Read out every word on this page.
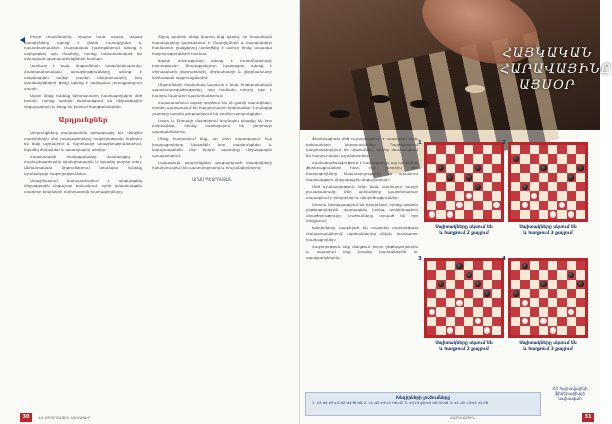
Բոլոր տարիներին, որպես նաև այսօր, ավագ մարզիչները պետք է լինեն ուսուցիչներ և դաստիարակներ: Մարզական դպրոցներում պետք է ավելացնել այն ժամերը, որոնք նախատեսված են տեսական պարապմունքների համար:

Կարևոր է նաև մրցումների կազմակերպումը: Հանրապետական առաջնությունները պետք է անցկացվեն ավելի բարձր մակարդակով, իսկ մասնակիցների թիվը պետք է ավելանա յուրաքանչյուր տարի:

Այսօր մենք ունենք երիտասարդ խաղացողների մեծ խումբ, որոնք արդեն մասնակցում են միջազգային մրցաշարերի և ձեռք են բերում հաղթանակներ:

Արդյունքներ

Արդյունքները բավականին գոհացուցիչ են: Վերջին տարիներին մեր խաղացողները հաջողությամբ հանդես են եկել աշխարհի և Եվրոպայի առաջնություններում, նվաճել մեդալներ և պատվավոր տեղեր:

Հայաստանի հավաքականը մասնակցել է Համաշխարհային օլիմպիադային և գրավել բարձր տեղ: Անհատական մրցումներում նույնպես ունենք նշանակալի հաջողություններ:

Առաջիկայում նախատեսվում է անցկացնել միջազգային մրցաշար Երևանում, որին կմասնակցեն տարբեր երկրների ուժեղագույն խաղացողները:

Տվյալ պահին մենք կարող ենք պնդել, որ հայկական հարավայինը զարգանում է: Մարզիչների և մարզիկների համատեղ ջանքերով ստեղծվել է ամուր հիմք ապագա հաջողությունների համար:

Խաղի տեսությունը պետք է ուսումնասիրվի խորությամբ: Յուրաքանչյուր խաղացող պետք է տիրապետի դեբյուտների, միջնախաղի և վերջնախաղի հիմնական սկզբունքներին:

Մրցումների ժամանակ կարևոր է նաև հոգեբանական պատրաստվածությունը, որը հաճախ որոշիչ դեր է խաղում կարևոր պարտիաներում:

Հայաստանում այսօր գործում են մի քանի ակումբներ, որտեղ պարապում են հարյուրավոր երեխաներ: Նրանցից շատերը արդեն ցուցաբերում են բարձր արդյունքներ:

Լոռու և Շիրակի մարզերում նույնպես բացվել են նոր խմբակներ, որոնք համալրվում են շնորհալի պատանիներով:

Մենք հավատում ենք, որ մոտ ապագայում հայ խաղացողները կնվաճեն նոր բարձունքներ և կպաշտպանեն մեր երկրի պատիվը միջազգային ասպարեզում:

Լավագույն արդյունքներ ցուցաբերած մարզիկները խրախուսվում են պատվոգրերով և հուշանվերներով:

ԱՐԱՄ ՊԵՏՐՈՍՅԱՆ
30	ՀՀ ՍՊՈՐՏԱՅԻՆ ԱՄՍԱԳԻՐ
ՀԱՅԿԱԿԱՆ
ՀԱՐԱՎԱՅԻՆԸ
ԱՅՍՕՐ

Ֆեդերացիան մեծ ուշադրություն է դարձնում նաև երեխաների ներգրավմանը: Դպրոցներում կազմակերպվում են մրցումներ, որոնց մասնակցում են հարյուրավոր աշակերտներ:

Համագործակցություն է հաստատվել այլ երկրների ֆեդերացիաների հետ, որի շնորհիվ մեր խաղացողները հնարավորություն են ստանում մասնակցելու միջազգային մրցաշարերի:

Մեծ նշանակություն ունի նաև մամուլում խաղի լուսաբանումը: Մեր ամսագիրը պարբերաբար տպագրում է խնդիրներ և վերլուծություններ:

Ստորև ներկայացվում են խնդիրներ, որոնք կօգնեն ընթերցողներին զարգացնել իրենց կոմբինացիոն մտածողությունը: Լուծումները տրված են էջի ներքևում:

Խնդիրները կազմված են տարբեր բարդության մակարդակներով՝ սկսնակներից մինչև փորձառու խաղացողներ:

Հաջողություն ենք մաղթում բոլոր ընթերցողներին և սպասում ենք նրանց նամակներին ու առաջարկներին:

1
Սպիտակները սկսում են
և հաղթում 2 քայլում
2
Սպիտակները սկսում են
և հաղթում 3 քայլում
3
Սպիտակները սկսում են
և հաղթում 2 քայլում
4
Սպիտակները սկսում են
և հաղթում 3 քայլում
ՀՀ հարավայինի
ֆեդերացիայի
նախագահ
Խնդիրների լուծումները
1. c3-d4 e5:c3 b2:d4:f6:h8 2. c1-d2 e3:c1 h6:d2 3. e3-f4 g5:e3 d2:f4:h6 4. e1-d2 c3:e1 a1:f6
ՀԱՐԱՎԱՅԻՆ	31
